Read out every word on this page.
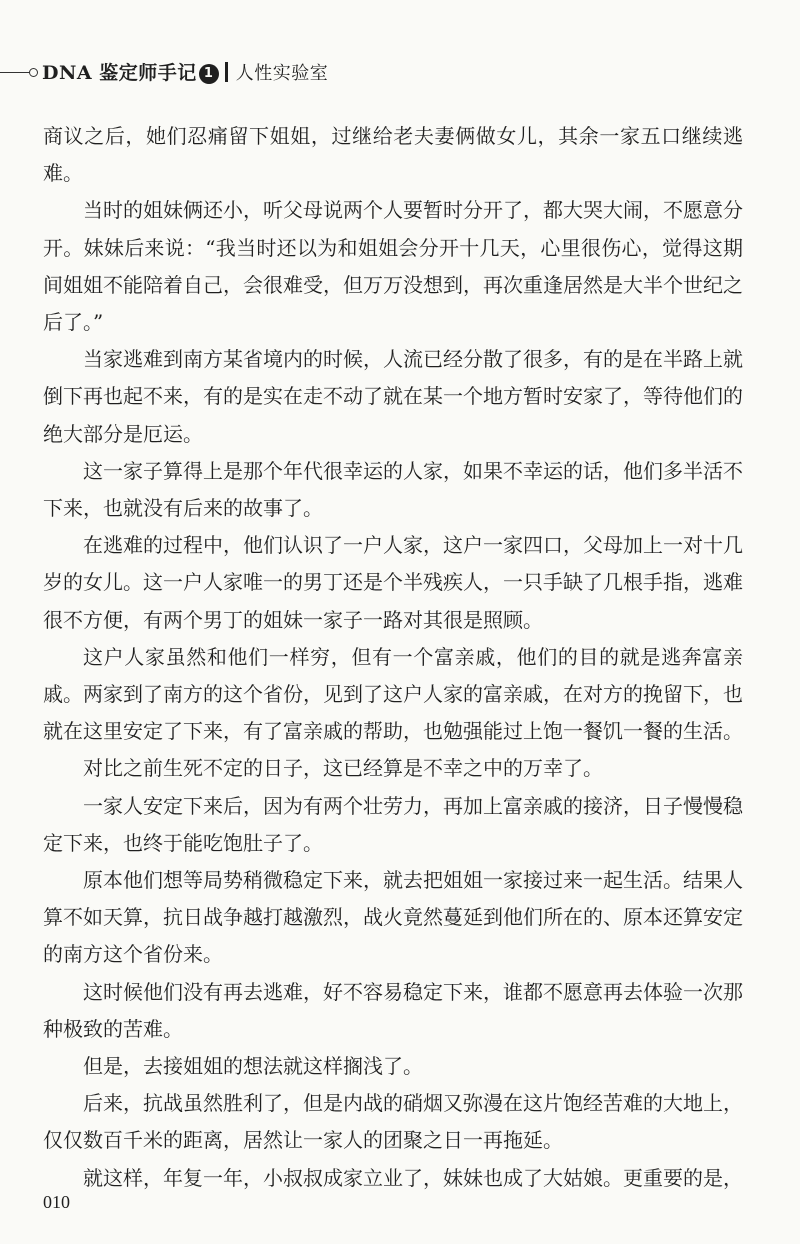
DNA 鉴定师手记 1 人性实验室

商议之后，她们忍痛留下姐姐，过继给老夫妻俩做女儿，其余一家五口继续逃难。

当时的姐妹俩还小，听父母说两个人要暂时分开了，都大哭大闹，不愿意分开。妹妹后来说：“我当时还以为和姐姐会分开十几天，心里很伤心，觉得这期间姐姐不能陪着自己，会很难受，但万万没想到，再次重逢居然是大半个世纪之后了。”

当家逃难到南方某省境内的时候，人流已经分散了很多，有的是在半路上就倒下再也起不来，有的是实在走不动了就在某一个地方暂时安家了，等待他们的绝大部分是厄运。

这一家子算得上是那个年代很幸运的人家，如果不幸运的话，他们多半活不下来，也就没有后来的故事了。

在逃难的过程中，他们认识了一户人家，这户一家四口，父母加上一对十几岁的女儿。这一户人家唯一的男丁还是个半残疾人，一只手缺了几根手指，逃难很不方便，有两个男丁的姐妹一家子一路对其很是照顾。

这户人家虽然和他们一样穷，但有一个富亲戚，他们的目的就是逃奔富亲戚。两家到了南方的这个省份，见到了这户人家的富亲戚，在对方的挽留下，也就在这里安定了下来，有了富亲戚的帮助，也勉强能过上饱一餐饥一餐的生活。

对比之前生死不定的日子，这已经算是不幸之中的万幸了。

一家人安定下来后，因为有两个壮劳力，再加上富亲戚的接济，日子慢慢稳定下来，也终于能吃饱肚子了。

原本他们想等局势稍微稳定下来，就去把姐姐一家接过来一起生活。结果人算不如天算，抗日战争越打越激烈，战火竟然蔓延到他们所在的、原本还算安定的南方这个省份来。

这时候他们没有再去逃难，好不容易稳定下来，谁都不愿意再去体验一次那种极致的苦难。

但是，去接姐姐的想法就这样搁浅了。

后来，抗战虽然胜利了，但是内战的硝烟又弥漫在这片饱经苦难的大地上，仅仅数百千米的距离，居然让一家人的团聚之日一再拖延。

就这样，年复一年，小叔叔成家立业了，妹妹也成了大姑娘。更重要的是，

010
